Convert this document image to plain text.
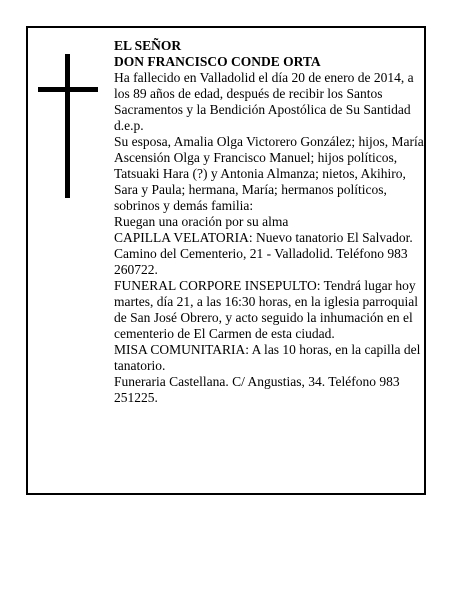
EL SEÑOR

DON FRANCISCO CONDE ORTA

Ha fallecido en Valladolid el día 20 de enero de 2014, a los 89 años de edad, después de recibir los Santos Sacramentos y la Bendición Apostólica de Su Santidad

d.e.p.

Su esposa, Amalia Olga Victorero González; hijos, María Ascensión Olga y Francisco Manuel; hijos políticos, Tatsuaki Hara (?) y Antonia Almanza; nietos, Akihiro, Sara y Paula; hermana, María; hermanos políticos, sobrinos y demás familia:

Ruegan una oración por su alma

CAPILLA VELATORIA: Nuevo tanatorio El Salvador. Camino del Cementerio, 21 - Valladolid. Teléfono 983 260722.

FUNERAL CORPORE INSEPULTO: Tendrá lugar hoy martes, día 21, a las 16:30 horas, en la iglesia parroquial de San José Obrero, y acto seguido la inhumación en el cementerio de El Carmen de esta ciudad.

MISA COMUNITARIA: A las 10 horas, en la capilla del tanatorio.

Funeraria Castellana. C/ Angustias, 34. Teléfono 983 251225.
